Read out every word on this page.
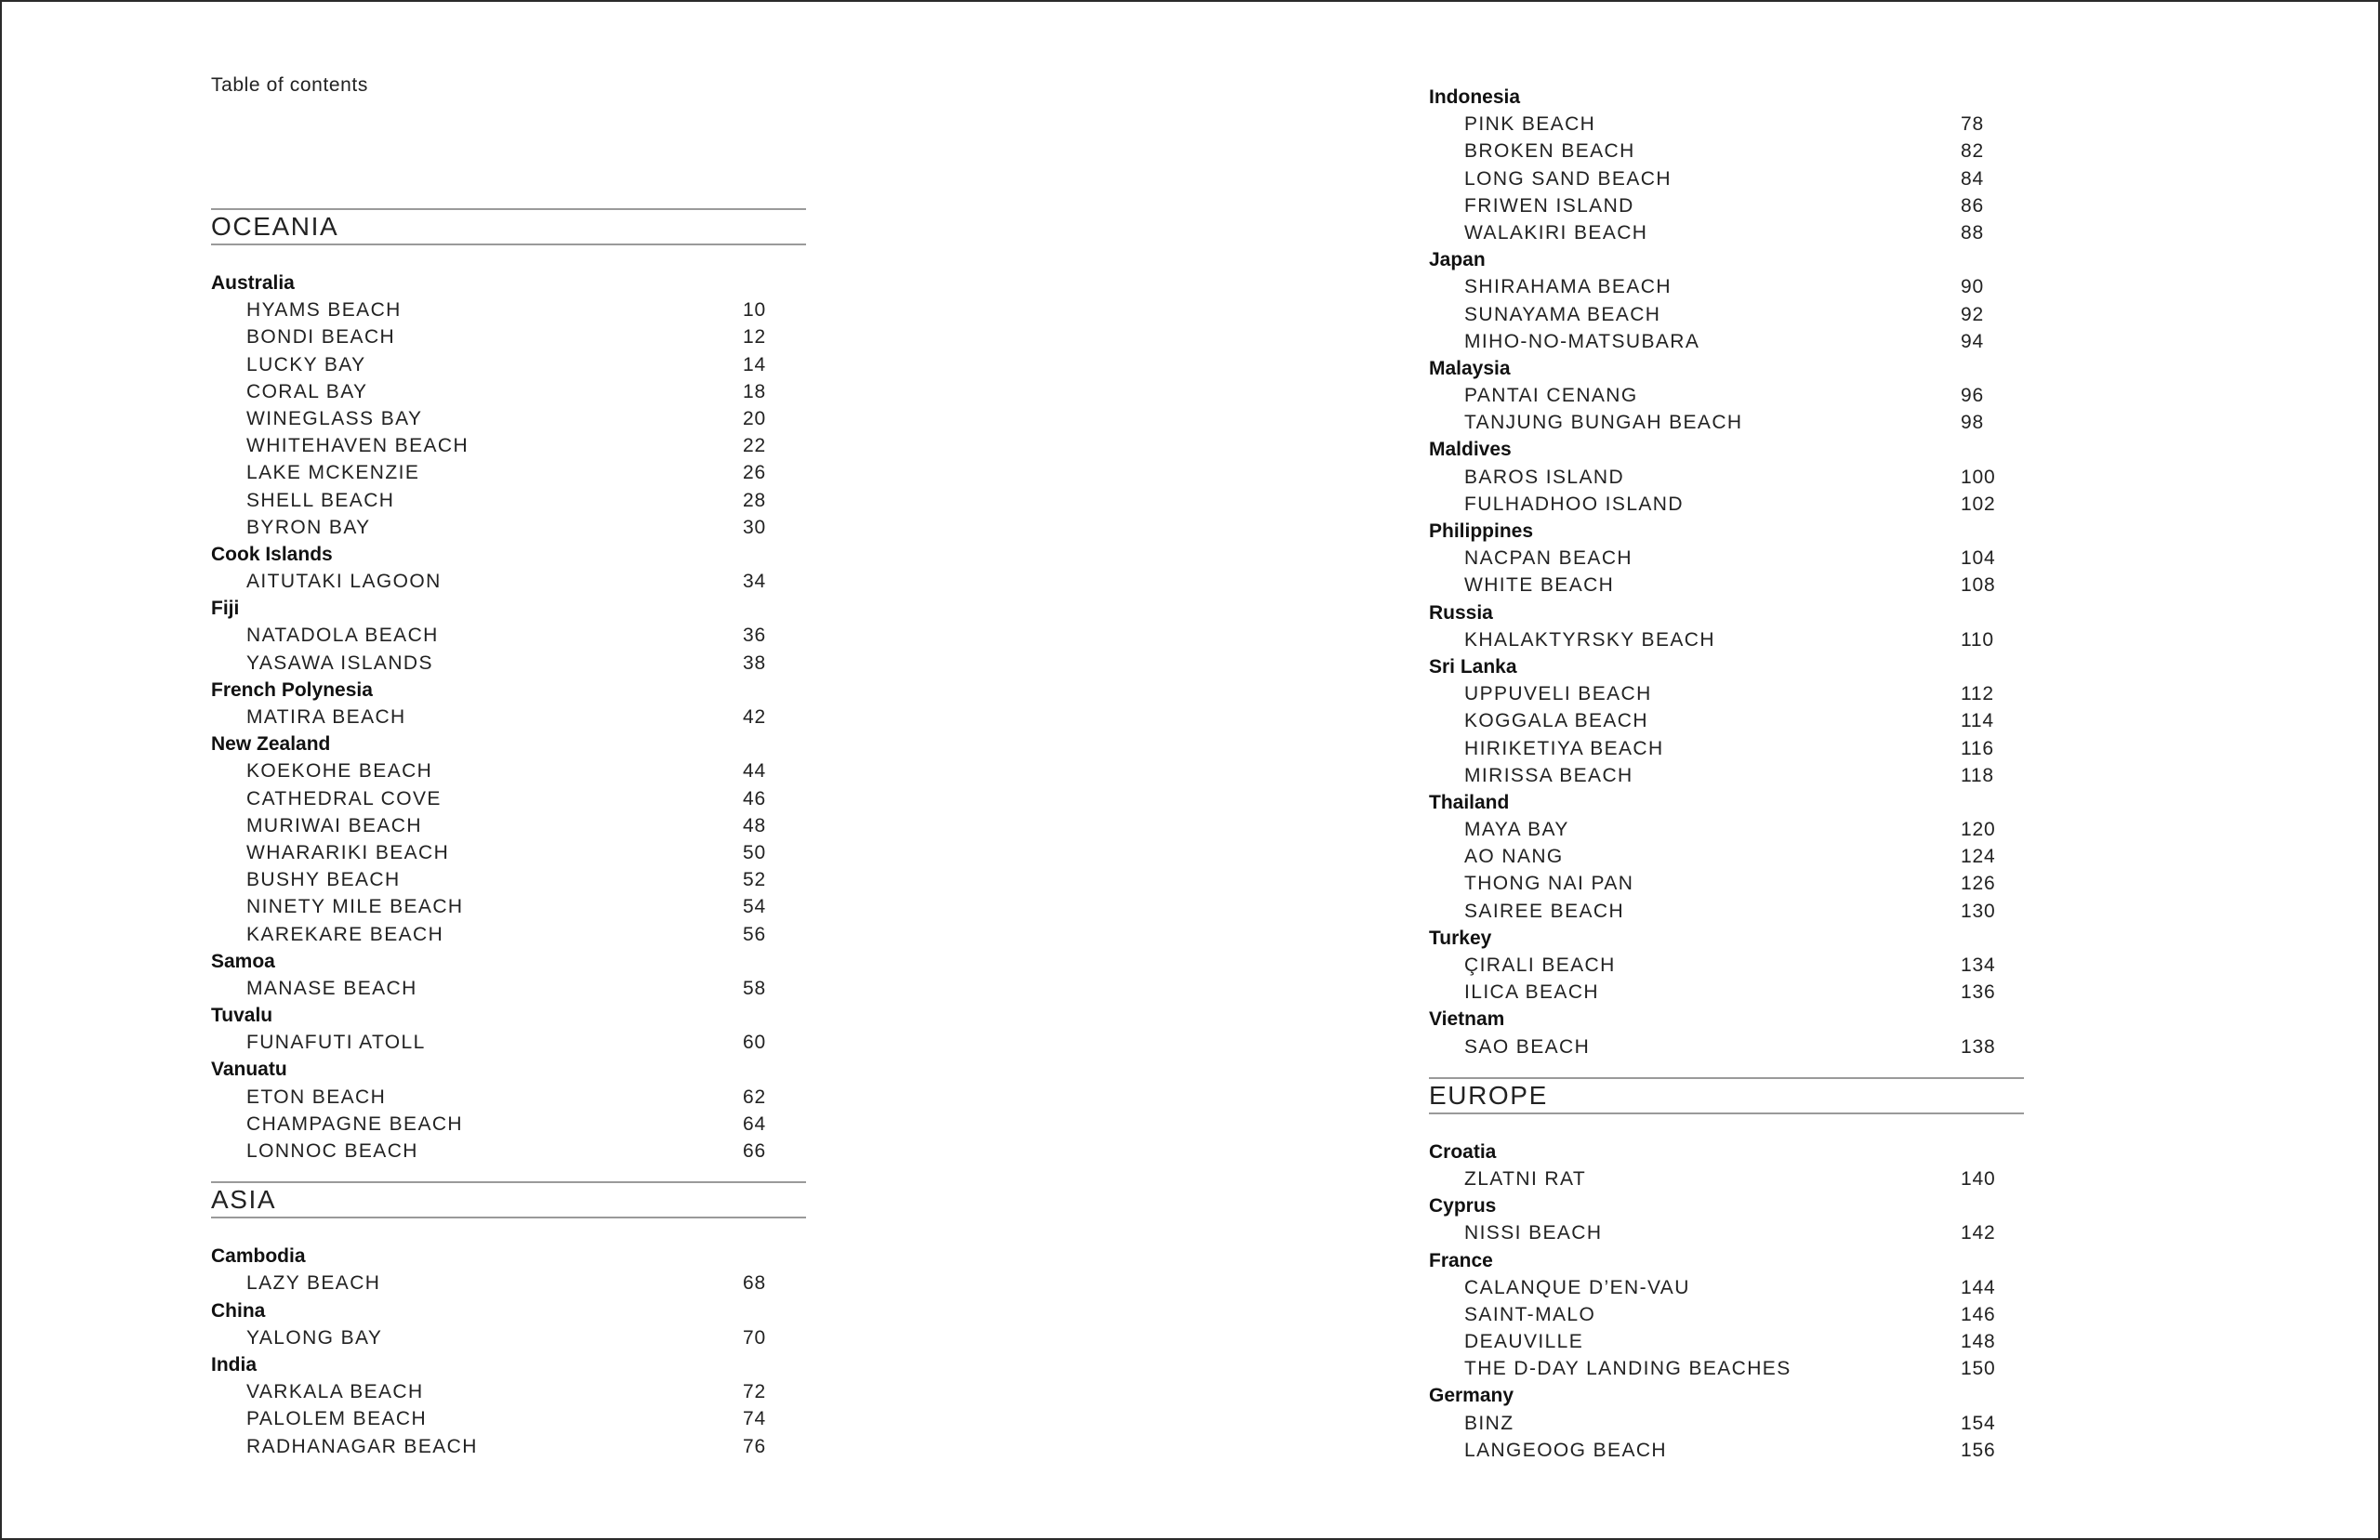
Table of contents
OCEANIA
Australia
HYAMS BEACH	10
BONDI BEACH	12
LUCKY BAY	14
CORAL BAY	18
WINEGLASS BAY	20
WHITEHAVEN BEACH	22
LAKE MCKENZIE	26
SHELL BEACH	28
BYRON BAY	30
Cook Islands
AITUTAKI LAGOON	34
Fiji
NATADOLA BEACH	36
YASAWA ISLANDS	38
French Polynesia
MATIRA BEACH	42
New Zealand
KOEKOHE BEACH	44
CATHEDRAL COVE	46
MURIWAI BEACH	48
WHARARIKI BEACH	50
BUSHY BEACH	52
NINETY MILE BEACH	54
KAREKARE BEACH	56
Samoa
MANASE BEACH	58
Tuvalu
FUNAFUTI ATOLL	60
Vanuatu
ETON BEACH	62
CHAMPAGNE BEACH	64
LONNOC BEACH	66
ASIA
Cambodia
LAZY BEACH	68
China
YALONG BAY	70
India
VARKALA BEACH	72
PALOLEM BEACH	74
RADHANAGAR BEACH	76
Indonesia
PINK BEACH	78
BROKEN BEACH	82
LONG SAND BEACH	84
FRIWEN ISLAND	86
WALAKIRI BEACH	88
Japan
SHIRAHAMA BEACH	90
SUNAYAMA BEACH	92
MIHO-NO-MATSUBARA	94
Malaysia
PANTAI CENANG	96
TANJUNG BUNGAH BEACH	98
Maldives
BAROS ISLAND	100
FULHADHOO ISLAND	102
Philippines
NACPAN BEACH	104
WHITE BEACH	108
Russia
KHALAKTYRSKY BEACH	110
Sri Lanka
UPPUVELI BEACH	112
KOGGALA BEACH	114
HIRIKETIYA BEACH	116
MIRISSA BEACH	118
Thailand
MAYA BAY	120
AO NANG	124
THONG NAI PAN	126
SAIREE BEACH	130
Turkey
ÇIRALI BEACH	134
ILICA BEACH	136
Vietnam
SAO BEACH	138
EUROPE
Croatia
ZLATNI RAT	140
Cyprus
NISSI BEACH	142
France
CALANQUE D’EN-VAU	144
SAINT-MALO	146
DEAUVILLE	148
THE D-DAY LANDING BEACHES	150
Germany
BINZ	154
LANGEOOG BEACH	156
